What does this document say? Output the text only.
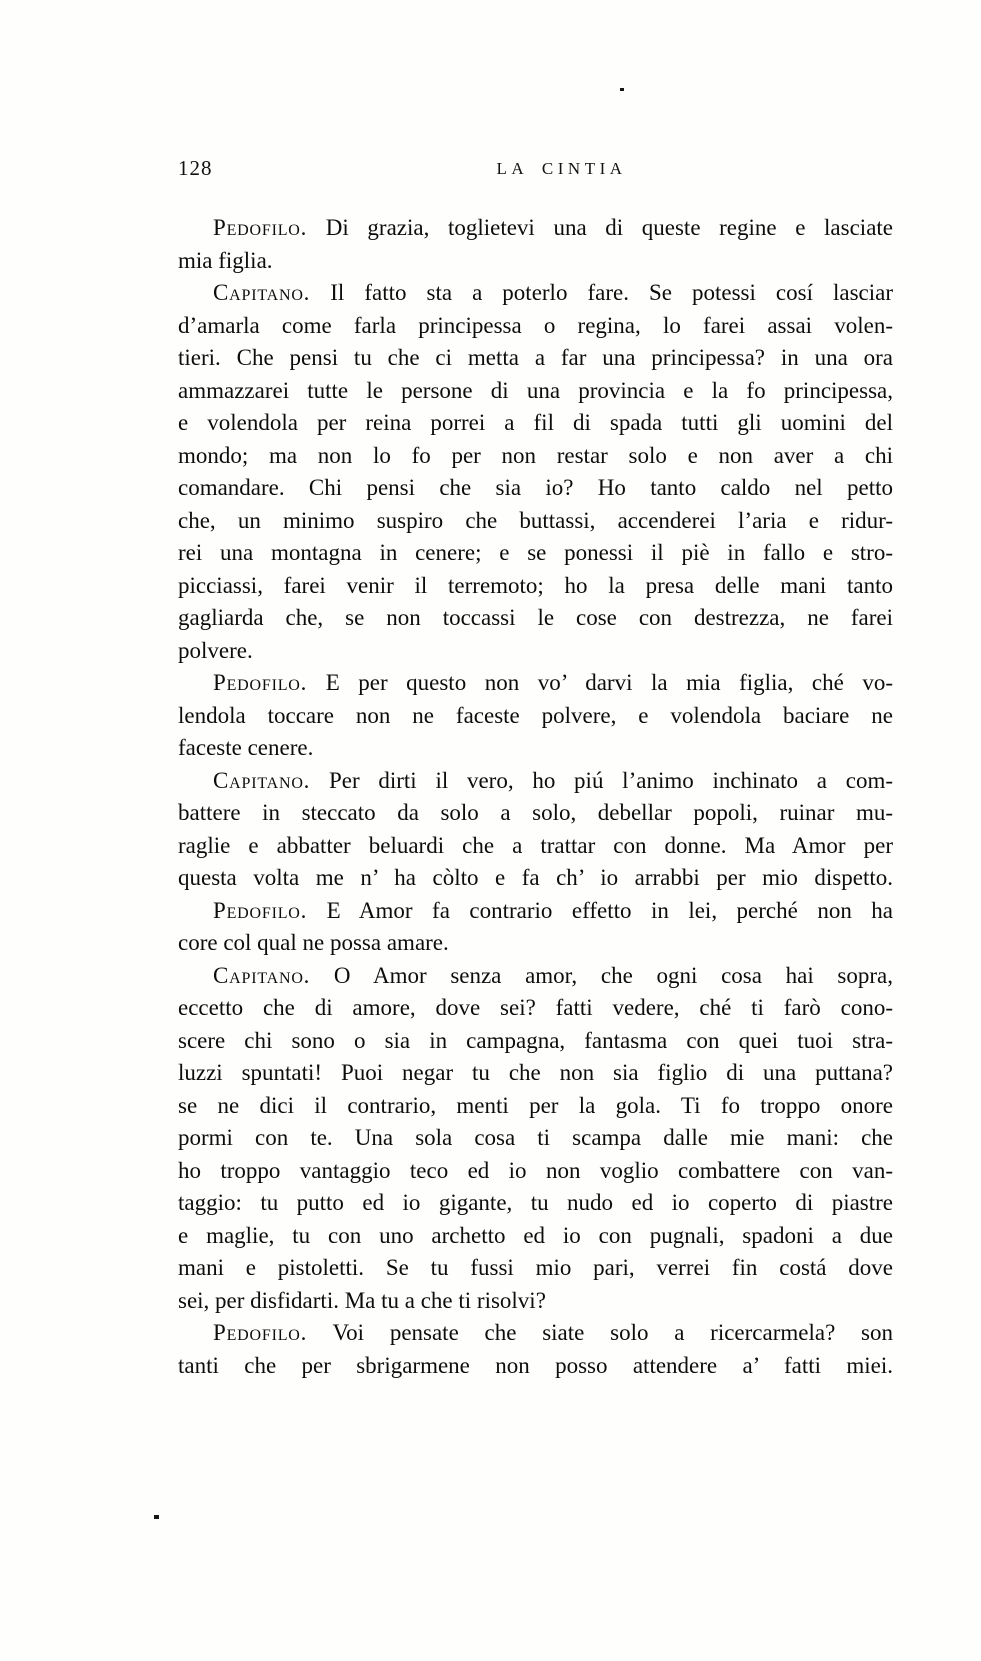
128	LA CINTIA
Pedofilo. Di grazia, toglietevi una di queste regine e lasciate
mia figlia.
Capitano. Il fatto sta a poterlo fare. Se potessi cosí lasciar
d’amarla come farla principessa o regina, lo farei assai volen-
tieri. Che pensi tu che ci metta a far una principessa? in una ora
ammazzarei tutte le persone di una provincia e la fo principessa,
e volendola per reina porrei a fil di spada tutti gli uomini del
mondo; ma non lo fo per non restar solo e non aver a chi
comandare. Chi pensi che sia io? Ho tanto caldo nel petto
che, un minimo suspiro che buttassi, accenderei l’aria e ridur-
rei una montagna in cenere; e se ponessi il piè in fallo e stro-
picciassi, farei venir il terremoto; ho la presa delle mani tanto
gagliarda che, se non toccassi le cose con destrezza, ne farei
polvere.
Pedofilo. E per questo non vo’ darvi la mia figlia, ché vo-
lendola toccare non ne faceste polvere, e volendola baciare ne
faceste cenere.
Capitano. Per dirti il vero, ho piú l’animo inchinato a com-
battere in steccato da solo a solo, debellar popoli, ruinar mu-
raglie e abbatter beluardi che a trattar con donne. Ma Amor per
questa volta me n’ ha còlto e fa ch’ io arrabbi per mio dispetto.
Pedofilo. E Amor fa contrario effetto in lei, perché non ha
core col qual ne possa amare.
Capitano. O Amor senza amor, che ogni cosa hai sopra,
eccetto che di amore, dove sei? fatti vedere, ché ti farò cono-
scere chi sono o sia in campagna, fantasma con quei tuoi stra-
luzzi spuntati! Puoi negar tu che non sia figlio di una puttana?
se ne dici il contrario, menti per la gola. Ti fo troppo onore
pormi con te. Una sola cosa ti scampa dalle mie mani: che
ho troppo vantaggio teco ed io non voglio combattere con van-
taggio: tu putto ed io gigante, tu nudo ed io coperto di piastre
e maglie, tu con uno archetto ed io con pugnali, spadoni a due
mani e pistoletti. Se tu fussi mio pari, verrei fin costá dove
sei, per disfidarti. Ma tu a che ti risolvi?
Pedofilo. Voi pensate che siate solo a ricercarmela? son
tanti che per sbrigarmene non posso attendere a’ fatti miei.
